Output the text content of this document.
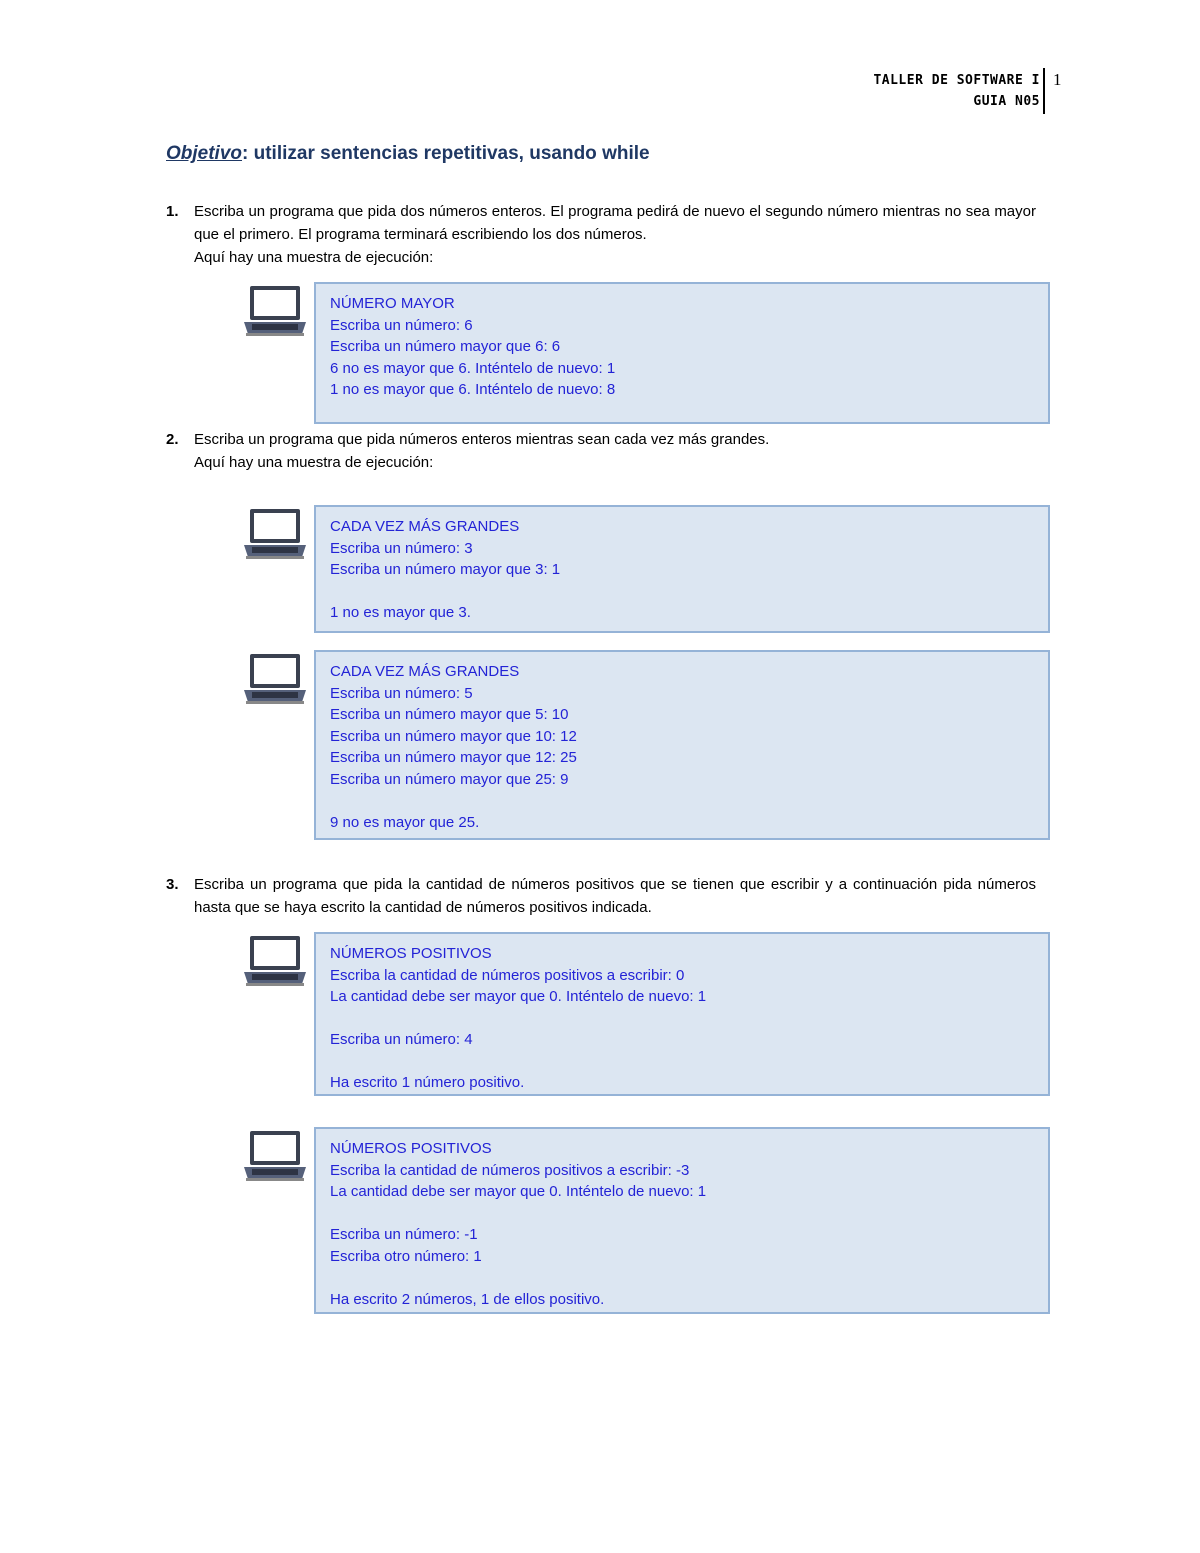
TALLER DE SOFTWARE I
GUIA N05
1
Objetivo: utilizar sentencias repetitivas, usando while
1. Escriba un programa que pida dos números enteros. El programa pedirá de nuevo el segundo número mientras no sea mayor que el primero. El programa terminará escribiendo los dos números.
Aquí hay una muestra de ejecución:
NÚMERO MAYOR
Escriba un número: 6
Escriba un número mayor que 6: 6
6 no es mayor que 6. Inténtelo de nuevo: 1
1 no es mayor que 6. Inténtelo de nuevo: 8
2. Escriba un programa que pida números enteros mientras sean cada vez más grandes.
Aquí hay una muestra de ejecución:
CADA VEZ MÁS GRANDES
Escriba un número: 3
Escriba un número mayor que 3: 1
1 no es mayor que 3.
CADA VEZ MÁS GRANDES
Escriba un número: 5
Escriba un número mayor que 5: 10
Escriba un número mayor que 10: 12
Escriba un número mayor que 12: 25
Escriba un número mayor que 25: 9
9 no es mayor que 25.
3. Escriba un programa que pida la cantidad de números positivos que se tienen que escribir y a continuación pida números hasta que se haya escrito la cantidad de números positivos indicada.
NÚMEROS POSITIVOS
Escriba la cantidad de números positivos a escribir: 0
La cantidad debe ser mayor que 0. Inténtelo de nuevo: 1
Escriba un número: 4
Ha escrito 1 número positivo.
NÚMEROS POSITIVOS
Escriba la cantidad de números positivos a escribir: -3
La cantidad debe ser mayor que 0. Inténtelo de nuevo: 1
Escriba un número: -1
Escriba otro número: 1
Ha escrito 2 números, 1 de ellos positivo.
